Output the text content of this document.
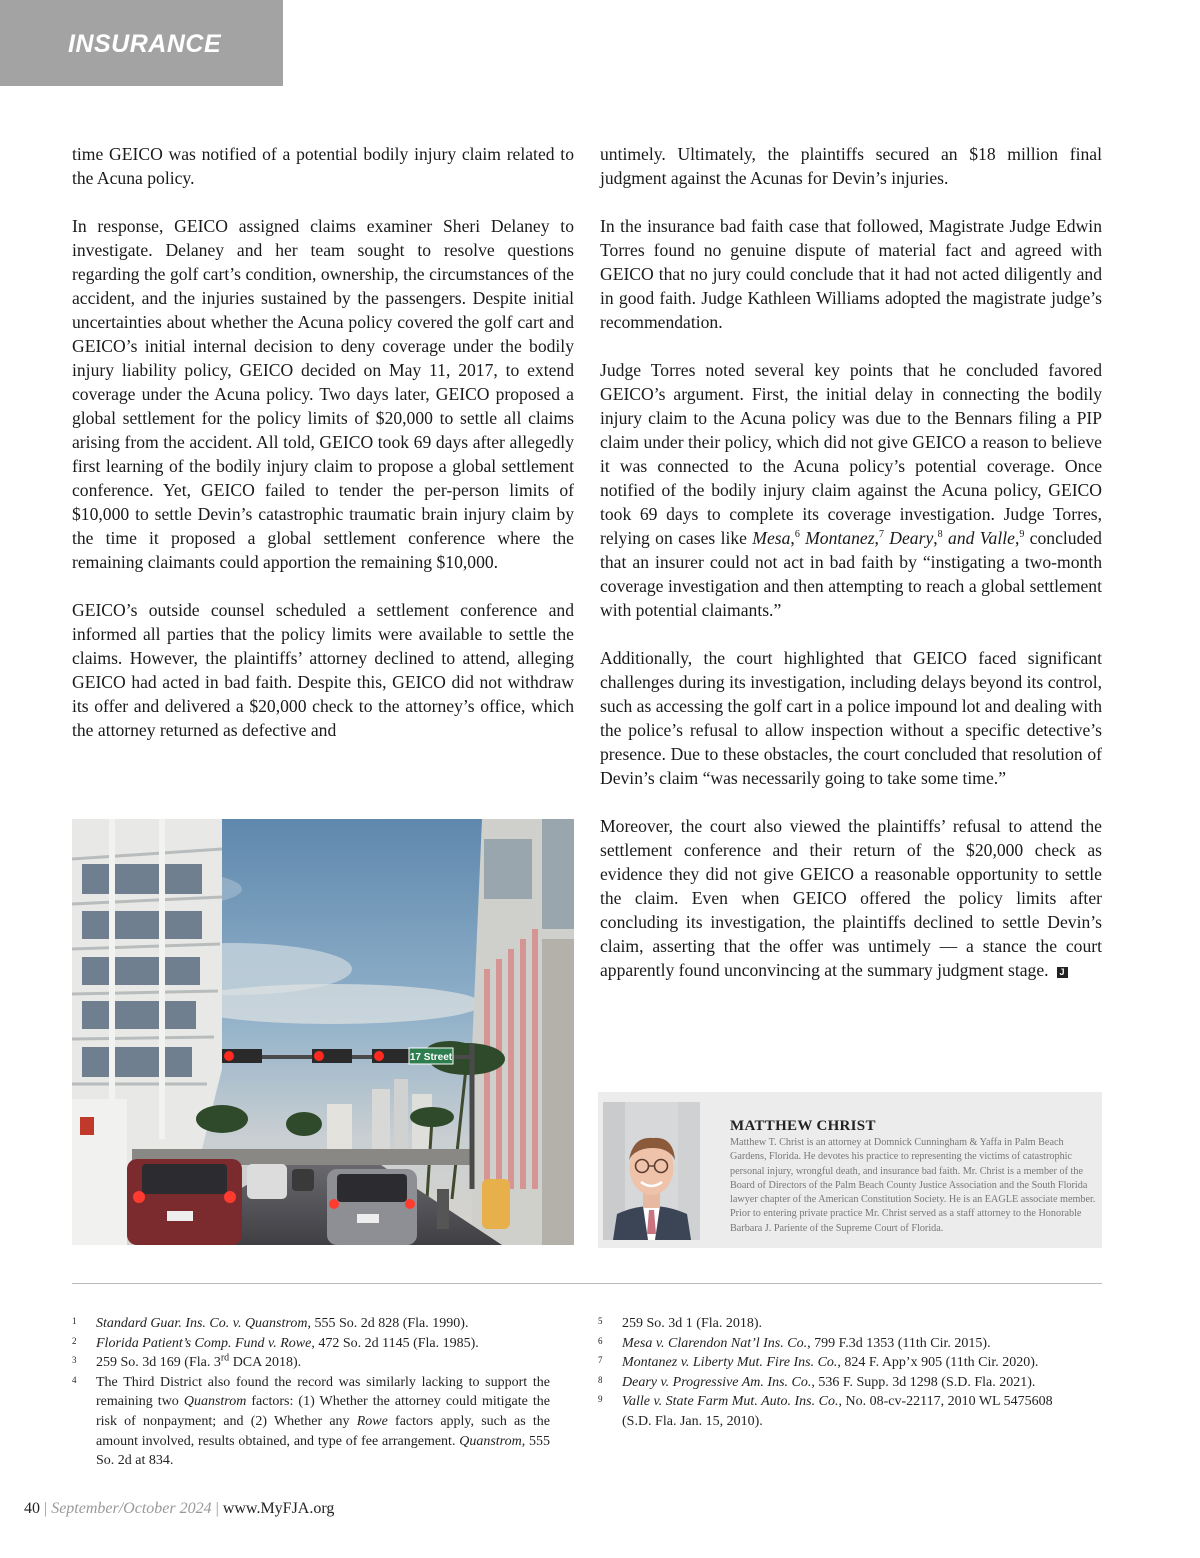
INSURANCE

time GEICO was notified of a potential bodily injury claim related to the Acuna policy.

In response, GEICO assigned claims examiner Sheri Delaney to investigate. Delaney and her team sought to resolve questions regarding the golf cart’s condition, ownership, the circumstances of the accident, and the injuries sustained by the passengers. Despite initial uncertainties about whether the Acuna policy covered the golf cart and GEICO’s initial internal decision to deny coverage under the bodily injury liability policy, GEICO decided on May 11, 2017, to extend coverage under the Acuna policy. Two days later, GEICO proposed a global settlement for the policy limits of $20,000 to settle all claims arising from the accident. All told, GEICO took 69 days after allegedly first learning of the bodily injury claim to propose a global settlement conference. Yet, GEICO failed to tender the per-person limits of $10,000 to settle Devin’s catastrophic traumatic brain injury claim by the time it proposed a global settlement conference where the remaining claimants could apportion the remaining $10,000.

GEICO’s outside counsel scheduled a settlement conference and informed all parties that the policy limits were available to settle the claims. However, the plaintiffs’ attorney declined to attend, alleging GEICO had acted in bad faith. Despite this, GEICO did not withdraw its offer and delivered a $20,000 check to the attorney’s office, which the attorney returned as defective and

17 Street

untimely. Ultimately, the plaintiffs secured an $18 million final judgment against the Acunas for Devin’s injuries.

In the insurance bad faith case that followed, Magistrate Judge Edwin Torres found no genuine dispute of material fact and agreed with GEICO that no jury could conclude that it had not acted diligently and in good faith. Judge Kathleen Williams adopted the magistrate judge’s recommendation.

Judge Torres noted several key points that he concluded favored GEICO’s argument. First, the initial delay in connecting the bodily injury claim to the Acuna policy was due to the Bennars filing a PIP claim under their policy, which did not give GEICO a reason to believe it was connected to the Acuna policy’s potential coverage. Once notified of the bodily injury claim against the Acuna policy, GEICO took 69 days to complete its coverage investigation. Judge Torres, relying on cases like Mesa,$^6$ Montanez,$^7$ Deary,$^8$ and Valle,$^9$ concluded that an insurer could not act in bad faith by “instigating a two-month coverage investigation and then attempting to reach a global settlement with potential claimants.”

Additionally, the court highlighted that GEICO faced significant challenges during its investigation, including delays beyond its control, such as accessing the golf cart in a police impound lot and dealing with the police’s refusal to allow inspection without a specific detective’s presence. Due to these obstacles, the court concluded that resolution of Devin’s claim “was necessarily going to take some time.”

Moreover, the court also viewed the plaintiffs’ refusal to attend the settlement conference and their return of the $20,000 check as evidence they did not give GEICO a reasonable opportunity to settle the claim. Even when GEICO offered the policy limits after concluding its investigation, the plaintiffs declined to settle Devin’s claim, asserting that the offer was untimely — a stance the court apparently found unconvincing at the summary judgment stage. J

MATTHEW CHRIST
Matthew T. Christ is an attorney at Domnick Cunningham & Yaffa in Palm Beach Gardens, Florida. He devotes his practice to representing the victims of catastrophic personal injury, wrongful death, and insurance bad faith. Mr. Christ is a member of the Board of Directors of the Palm Beach County Justice Association and the South Florida lawyer chapter of the American Constitution Society. He is an EAGLE associate member. Prior to entering private practice Mr. Christ served as a staff attorney to the Honorable Barbara J. Pariente of the Supreme Court of Florida.
1 Standard Guar. Ins. Co. v. Quanstrom, 555 So. 2d 828 (Fla. 1990).
2 Florida Patient’s Comp. Fund v. Rowe, 472 So. 2d 1145 (Fla. 1985).
3 259 So. 3d 169 (Fla. 3rd DCA 2018).
4 The Third District also found the record was similarly lacking to support the remaining two Quanstrom factors: (1) Whether the attorney could mitigate the risk of nonpayment; and (2) Whether any Rowe factors apply, such as the amount involved, results obtained, and type of fee arrangement. Quanstrom, 555 So. 2d at 834.
5 259 So. 3d 1 (Fla. 2018).
6 Mesa v. Clarendon Nat’l Ins. Co., 799 F.3d 1353 (11th Cir. 2015).
7 Montanez v. Liberty Mut. Fire Ins. Co., 824 F. App’x 905 (11th Cir. 2020).
8 Deary v. Progressive Am. Ins. Co., 536 F. Supp. 3d 1298 (S.D. Fla. 2021).
9 Valle v. State Farm Mut. Auto. Ins. Co., No. 08-cv-22117, 2010 WL 5475608 (S.D. Fla. Jan. 15, 2010).
40 | September/October 2024 | www.MyFJA.org
